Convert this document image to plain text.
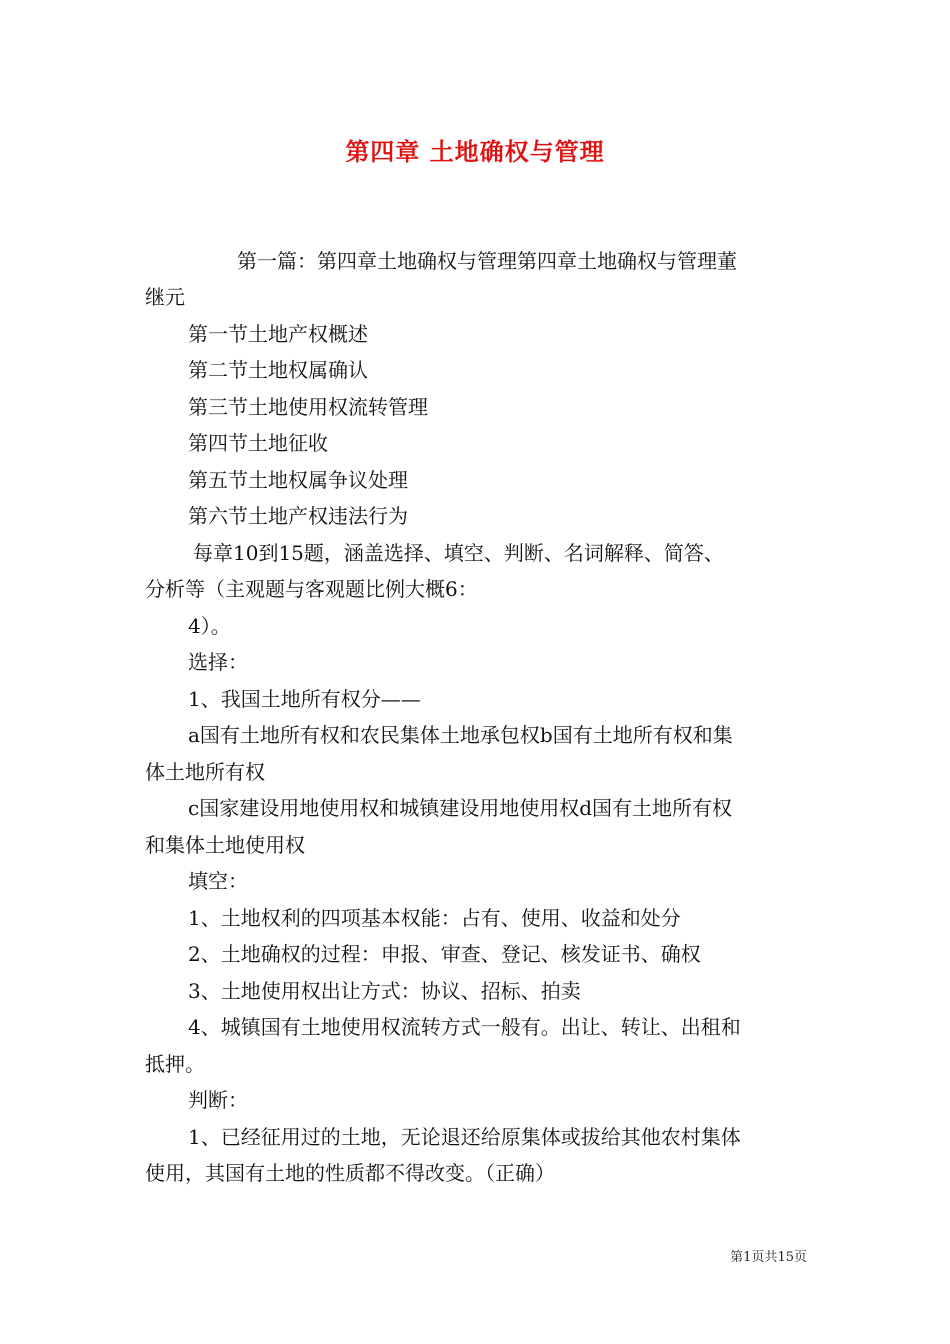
第四章 土地确权与管理
第一篇：第四章土地确权与管理第四章土地确权与管理董
继元
第一节土地产权概述
第二节土地权属确认
第三节土地使用权流转管理
第四节土地征收
第五节土地权属争议处理
第六节土地产权违法行为
每章10到15题，涵盖选择、填空、判断、名词解释、简答、
分析等（主观题与客观题比例大概6：
4）。
选择：
1、我国土地所有权分——
a国有土地所有权和农民集体土地承包权b国有土地所有权和集
体土地所有权
c国家建设用地使用权和城镇建设用地使用权d国有土地所有权
和集体土地使用权
填空：
1、土地权利的四项基本权能：占有、使用、收益和处分
2、土地确权的过程：申报、审查、登记、核发证书、确权
3、土地使用权出让方式：协议、招标、拍卖
4、城镇国有土地使用权流转方式一般有。出让、转让、出租和
抵押。
判断：
1、已经征用过的土地，无论退还给原集体或拔给其他农村集体
使用，其国有土地的性质都不得改变。（正确）
第1页共15页
